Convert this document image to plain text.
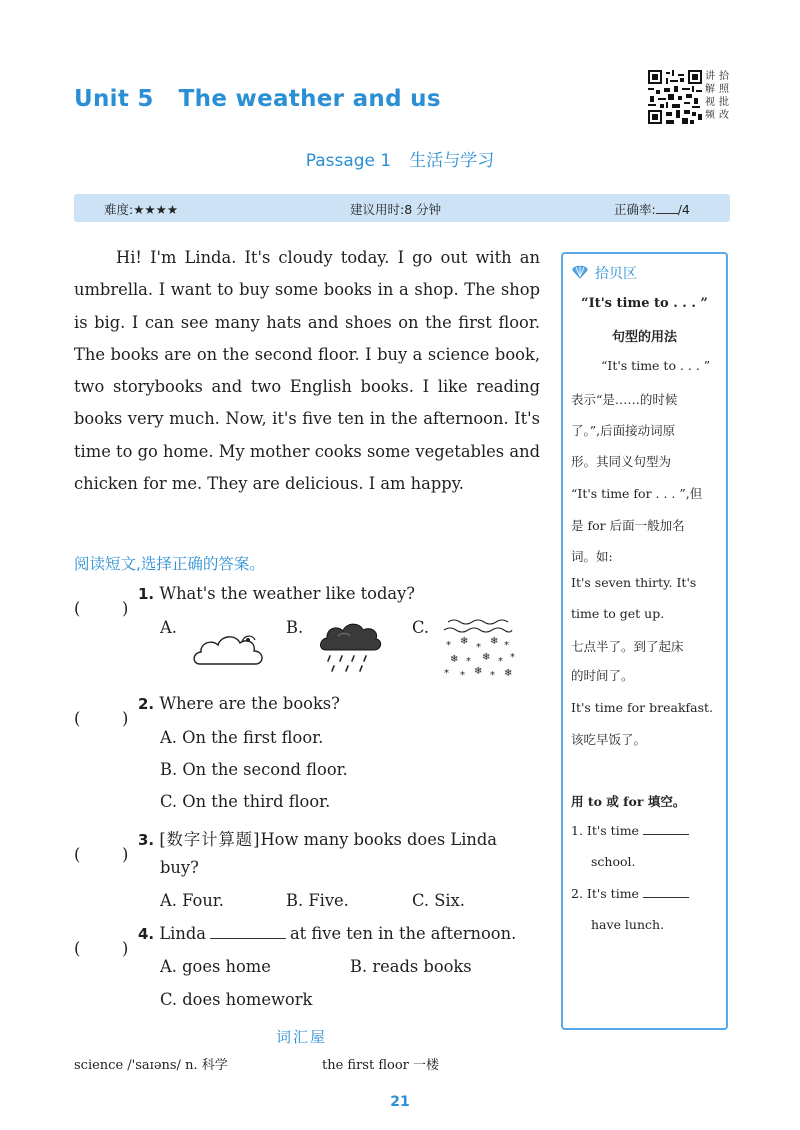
Unit 5   The weather and us
讲
解
视
频
拾
照
批
改
Passage 1 生活与学习
难度:★★★★	建议用时:8 分钟	正确率: /4

Hi! I'm Linda. It's cloudy today. I go out with an umbrella. I want to buy some books in a shop. The shop is big. I can see many hats and shoes on the first floor. The books are on the second floor. I buy a science book, two storybooks and two English books. I like reading books very much. Now, it's five ten in the afternoon. It's time to go home. My mother cooks some vegetables and chicken for me. They are delicious. I am happy.

阅读短文,选择正确的答案。
(	)
1. What's the weather like today?
A.	B.	C.
* ❄
*
❄ *
❄ * ❄ * *
* * ❄ * ❄
(	)
2. Where are the books?
A. On the first floor.
B. On the second floor.
C. On the third floor.
(	)
3. [数字计算题]How many books does Linda
buy?
A. Four.	B. Five.	C. Six.
(	)
4. Linda	at five ten in the afternoon.
A. goes home	B. reads books
C. does homework
拾贝区
“It's time to . . . ”
句型的用法
“It's time to . . . ”
表示“是……的时候
了。”,后面接动词原
形。其同义句型为
“It's time for . . . ”,但
是 for 后面一般加名
词。如:
It's seven thirty. It's
time to get up.
七点半了。到了起床
的时间了。
It's time for breakfast.
该吃早饭了。
用 to 或 for 填空。
1. It's time
school.
2. It's time
have lunch.
词汇屋
science /'saɪəns/ n. 科学	the first floor 一楼
21
